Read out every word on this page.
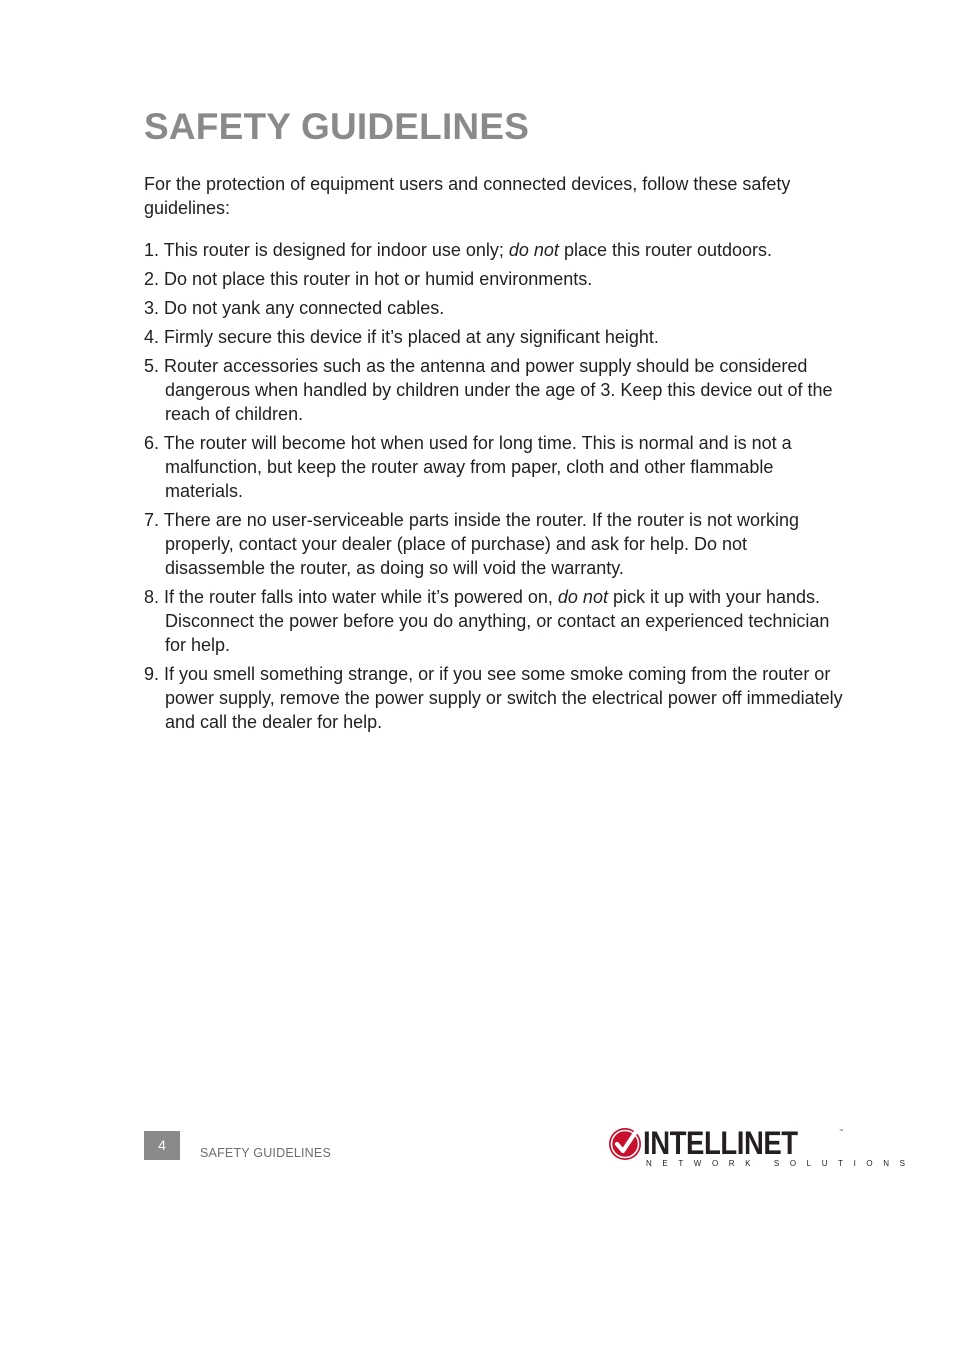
SAFETY GUIDELINES

For the protection of equipment users and connected devices, follow these safety guidelines:

1. This router is designed for indoor use only; do not place this router outdoors.
2. Do not place this router in hot or humid environments.
3. Do not yank any connected cables.
4. Firmly secure this device if it’s placed at any significant height.
5. Router accessories such as the antenna and power supply should be considered dangerous when handled by children under the age of 3. Keep this device out of the reach of children.
6. The router will become hot when used for long time. This is normal and is not a malfunction, but keep the router away from paper, cloth and other flammable materials.
7. There are no user-serviceable parts inside the router. If the router is not working properly, contact your dealer (place of purchase) and ask for help. Do not disassemble the router, as doing so will void the warranty.
8. If the router falls into water while it’s powered on, do not pick it up with your hands. Disconnect the power before you do anything, or contact an experienced technician for help.
9. If you smell something strange, or if you see some smoke coming from the router or power supply, remove the power supply or switch the electrical power off immediately and call the dealer for help.
4	SAFETY GUIDELINES	INTELLINET	™
NETWORK SOLUTIONS
